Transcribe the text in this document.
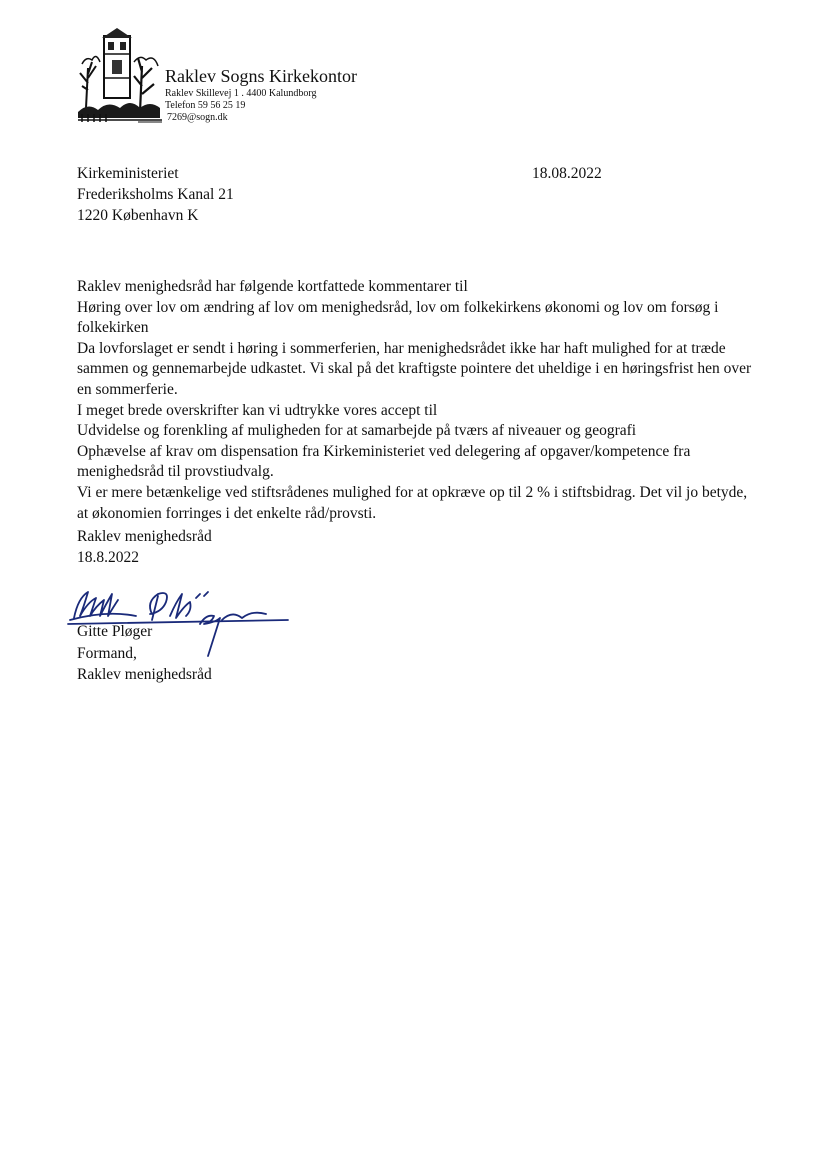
Raklev Sogns Kirkekontor
Raklev Skillevej 1 . 4400 Kalundborg
Telefon 59 56 25 19
7269@sogn.dk
Kirkeministeriet
Frederiksholms Kanal 21
1220 København K
18.08.2022

Raklev menighedsråd har følgende kortfattede kommentarer til

Høring over lov om ændring af lov om menighedsråd, lov om folkekirkens økonomi og lov om forsøg i folkekirken

Da lovforslaget er sendt i høring i sommerferien, har menighedsrådet ikke har haft mulighed for at træde sammen og gennemarbejde udkastet. Vi skal på det kraftigste pointere det uheldige i en høringsfrist hen over en sommerferie.

I meget brede overskrifter kan vi udtrykke vores accept til

Udvidelse og forenkling af muligheden for at samarbejde på tværs af niveauer og geografi

Ophævelse af krav om dispensation fra Kirkeministeriet ved delegering af opgaver/kompetence fra menighedsråd til provstiudvalg.

Vi er mere betænkelige ved stiftsrådenes mulighed for at opkræve op til 2 % i stiftsbidrag. Det vil jo betyde, at økonomien forringes i det enkelte råd/provsti.

Raklev menighedsråd
18.8.2022
Gitte Pløger
Formand,
Raklev menighedsråd
